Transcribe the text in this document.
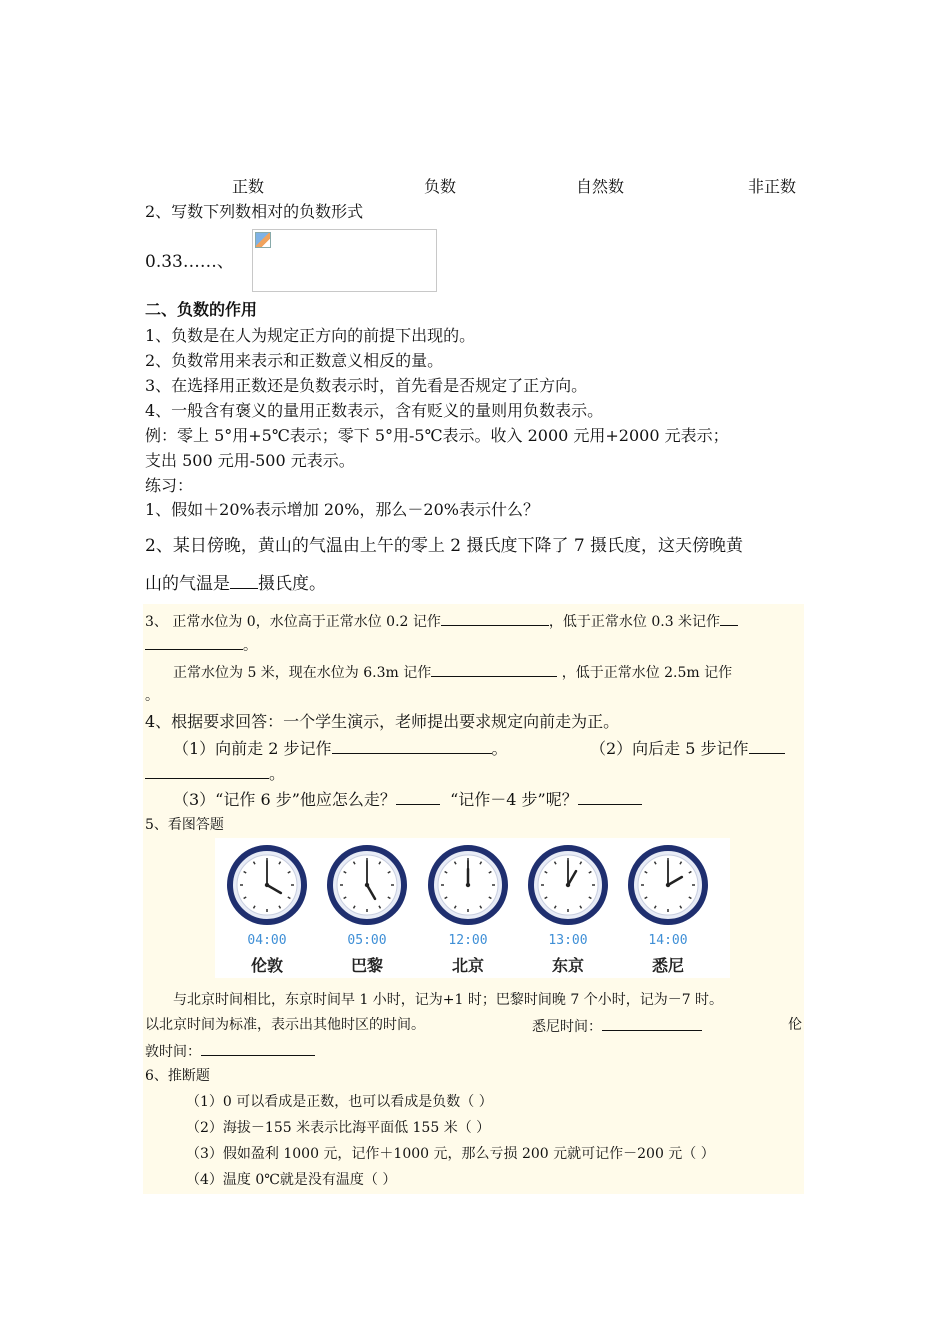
正数	负数	自然数	非正数
2、写数下列数相对的负数形式
0.33……、
二、负数的作用
1、负数是在人为规定正方向的前提下出现的。
2、负数常用来表示和正数意义相反的量。
3、在选择用正数还是负数表示时，首先看是否规定了正方向。
4、一般含有褒义的量用正数表示，含有贬义的量则用负数表示。
例：零上 5°用+5℃表示；零下 5°用-5℃表示。收入 2000 元用+2000 元表示；
支出 500 元用-500 元表示。
练习：
1、假如＋20%表示增加 20%，那么－20%表示什么？
2、某日傍晚，黄山的气温由上午的零上 2 摄氏度下降了 7 摄氏度，这天傍晚黄
山的气温是 摄氏度。
3、 正常水位为 0，水位高于正常水位 0.2 记作	，低于正常水位 0.3 米记作
。
正常水位为 5 米，现在水位为 6.3m 记作	，低于正常水位 2.5m 记作
。
4、根据要求回答：一个学生演示，老师提出要求规定向前走为正。
（1）向前走 2 步记作	。	（2）向后走 5 步记作
。
（3）“记作 6 步”他应怎么走？	“记作－4 步”呢？
5、看图答题
04:00
伦敦
05:00
巴黎
12:00
北京
13:00
东京
14:00
悉尼
与北京时间相比，东京时间早 1 小时，记为+1 时；巴黎时间晚 7 个小时，记为－7 时。
以北京时间为标准，表示出其他时区的时间。	悉尼时间：	伦
敦时间：
6、推断题
（1）0 可以看成是正数，也可以看成是负数（ ）
（2）海拔－155 米表示比海平面低 155 米（ ）
（3）假如盈利 1000 元，记作＋1000 元，那么亏损 200 元就可记作－200 元（ ）
（4）温度 0℃就是没有温度（ ）
